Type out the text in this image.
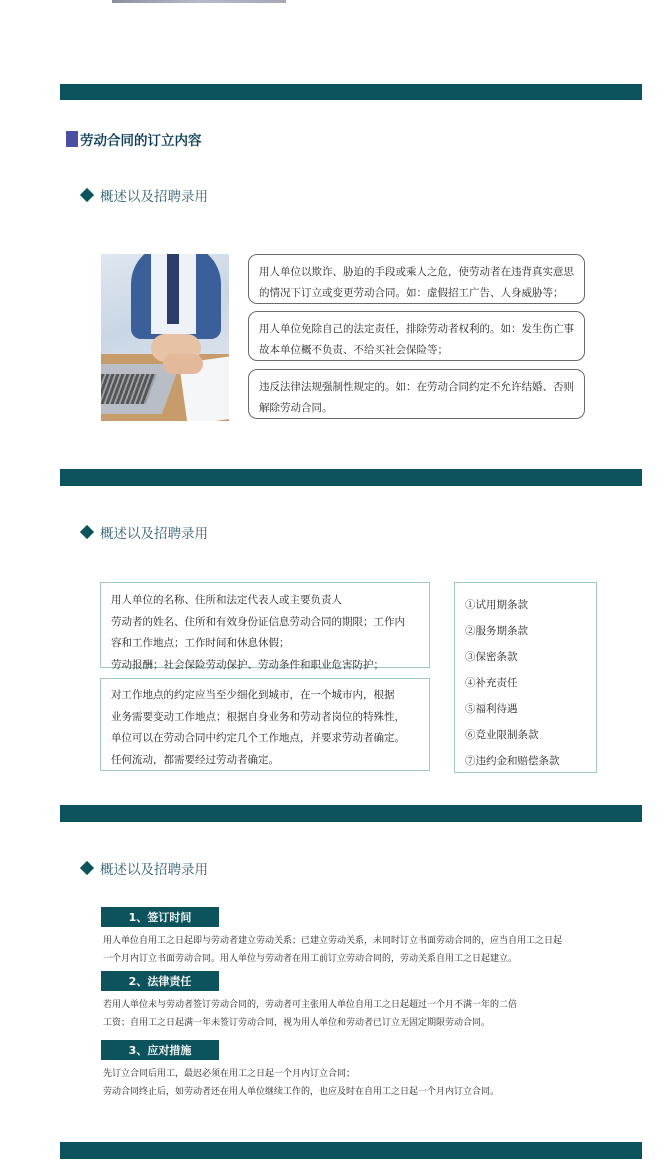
劳动合同的订立内容
概述以及招聘录用
用人单位以欺诈、胁迫的手段或乘人之危，使劳动者在违背真实意思的情况下订立或变更劳动合同。如：虚假招工广告、人身威胁等；
用人单位免除自己的法定责任，排除劳动者权利的。如：发生伤亡事故本单位概不负责、不给买社会保险等；
违反法律法规强制性规定的。如：在劳动合同约定不允许结婚、否则解除劳动合同。
概述以及招聘录用
用人单位的名称、住所和法定代表人或主要负责人
劳动者的姓名、住所和有效身份证信息劳动合同的期限；工作内
容和工作地点；工作时间和休息休假；
劳动报酬；社会保险劳动保护、劳动条件和职业危害防护；
对工作地点的约定应当至少细化到城市，在一个城市内，根据
业务需要变动工作地点；根据自身业务和劳动者岗位的特殊性，
单位可以在劳动合同中约定几个工作地点，并要求劳动者确定。
任何流动，都需要经过劳动者确定。
①试用期条款
②服务期条款
③保密条款
④补充责任
⑤福利待遇
⑥竞业限制条款
⑦违约金和赔偿条款
概述以及招聘录用
1、签订时间
用人单位自用工之日起即与劳动者建立劳动关系；已建立劳动关系，未同时订立书面劳动合同的，应当自用工之日起
一个月内订立书面劳动合同。用人单位与劳动者在用工前订立劳动合同的，劳动关系自用工之日起建立。
2、法律责任
若用人单位未与劳动者签订劳动合同的，劳动者可主张用人单位自用工之日起超过一个月不满一年的二倍
工资；自用工之日起满一年未签订劳动合同，视为用人单位和劳动者已订立无固定期限劳动合同。
3、应对措施
先订立合同后用工，最迟必须在用工之日起一个月内订立合同；
劳动合同终止后，如劳动者还在用人单位继续工作的，也应及时在自用工之日起一个月内订立合同。
